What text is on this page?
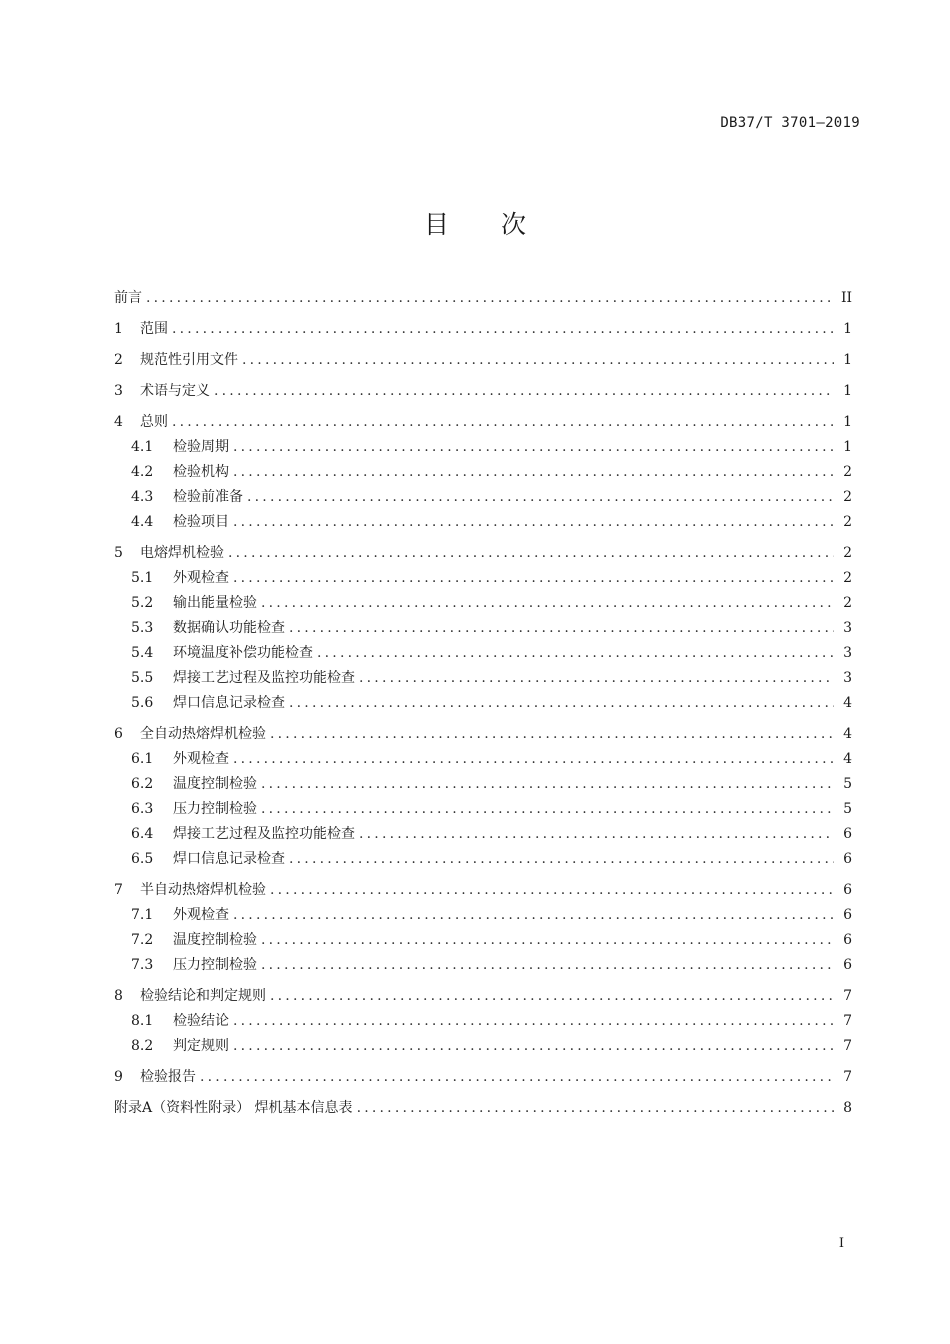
DB37/T 3701—2019
目 次
前言 .....	II
1	范围 .....	1
2	规范性引用文件 .....	1
3	术语与定义 .....	1
4	总则 .....	1
4.1	检验周期 .....	1
4.2	检验机构 .....	2
4.3	检验前准备 .....	2
4.4	检验项目 .....	2
5	电熔焊机检验 .....	2
5.1	外观检查 .....	2
5.2	输出能量检验 .....	2
5.3	数据确认功能检查 .....	3
5.4	环境温度补偿功能检查 .....	3
5.5	焊接工艺过程及监控功能检查 .....	3
5.6	焊口信息记录检查 .....	4
6	全自动热熔焊机检验 .....	4
6.1	外观检查 .....	4
6.2	温度控制检验 .....	5
6.3	压力控制检验 .....	5
6.4	焊接工艺过程及监控功能检查 .....	6
6.5	焊口信息记录检查 .....	6
7	半自动热熔焊机检验 .....	6
7.1	外观检查 .....	6
7.2	温度控制检验 .....	6
7.3	压力控制检验 .....	6
8	检验结论和判定规则 .....	7
8.1	检验结论 .....	7
8.2	判定规则 .....	7
9	检验报告 .....	7
附录A（资料性附录） 焊机基本信息表 .....	8
I
